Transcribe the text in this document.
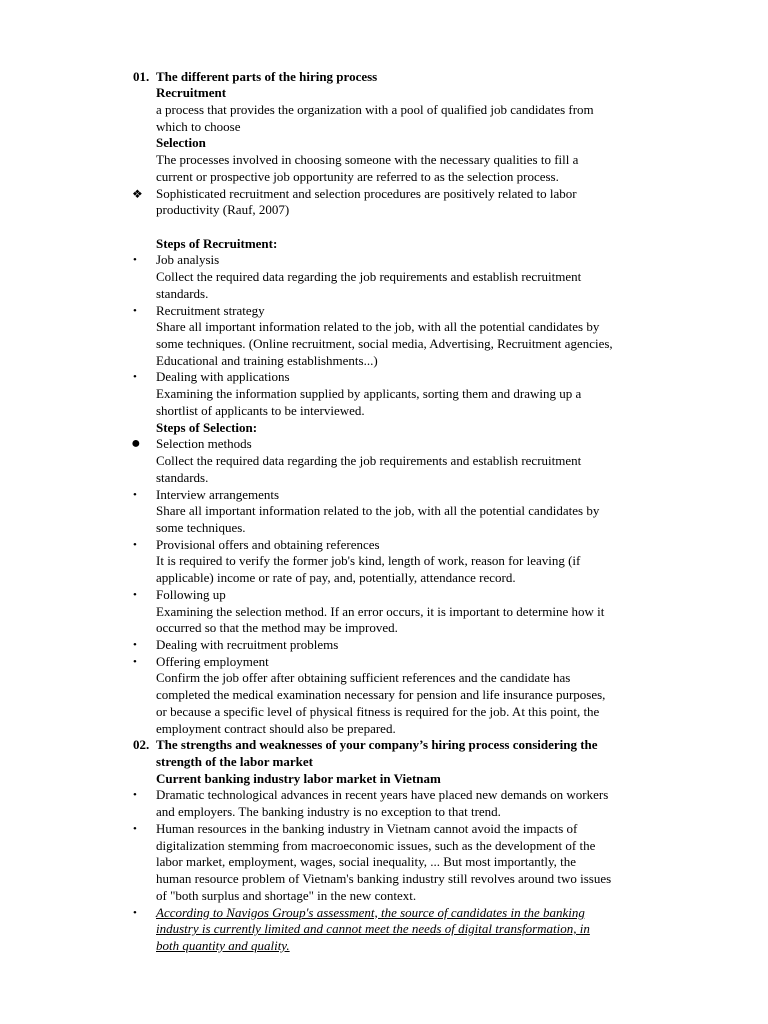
01. The different parts of the hiring process
Recruitment
a process that provides the organization with a pool of qualified job candidates from
which to choose
Selection
The processes involved in choosing someone with the necessary qualities to fill a
current or prospective job opportunity are referred to as the selection process.
❖ Sophisticated recruitment and selection procedures are positively related to labor
productivity (Rauf, 2007)
Steps of Recruitment:
• Job analysis
Collect the required data regarding the job requirements and establish recruitment
standards.
• Recruitment strategy
Share all important information related to the job, with all the potential candidates by
some techniques. (Online recruitment, social media, Advertising, Recruitment agencies,
Educational and training establishments...)
• Dealing with applications
Examining the information supplied by applicants, sorting them and drawing up a
shortlist of applicants to be interviewed.
Steps of Selection:
● Selection methods
Collect the required data regarding the job requirements and establish recruitment
standards.
• Interview arrangements
Share all important information related to the job, with all the potential candidates by
some techniques.
• Provisional offers and obtaining references
It is required to verify the former job's kind, length of work, reason for leaving (if
applicable) income or rate of pay, and, potentially, attendance record.
• Following up
Examining the selection method. If an error occurs, it is important to determine how it
occurred so that the method may be improved.
• Dealing with recruitment problems
• Offering employment
Confirm the job offer after obtaining sufficient references and the candidate has
completed the medical examination necessary for pension and life insurance purposes,
or because a specific level of physical fitness is required for the job. At this point, the
employment contract should also be prepared.
02. The strengths and weaknesses of your company’s hiring process considering the
strength of the labor market
Current banking industry labor market in Vietnam
• Dramatic technological advances in recent years have placed new demands on workers
and employers. The banking industry is no exception to that trend.
• Human resources in the banking industry in Vietnam cannot avoid the impacts of
digitalization stemming from macroeconomic issues, such as the development of the
labor market, employment, wages, social inequality, ... But most importantly, the
human resource problem of Vietnam's banking industry still revolves around two issues
of "both surplus and shortage" in the new context.
• According to Navigos Group's assessment, the source of candidates in the banking
industry is currently limited and cannot meet the needs of digital transformation, in
both quantity and quality.
